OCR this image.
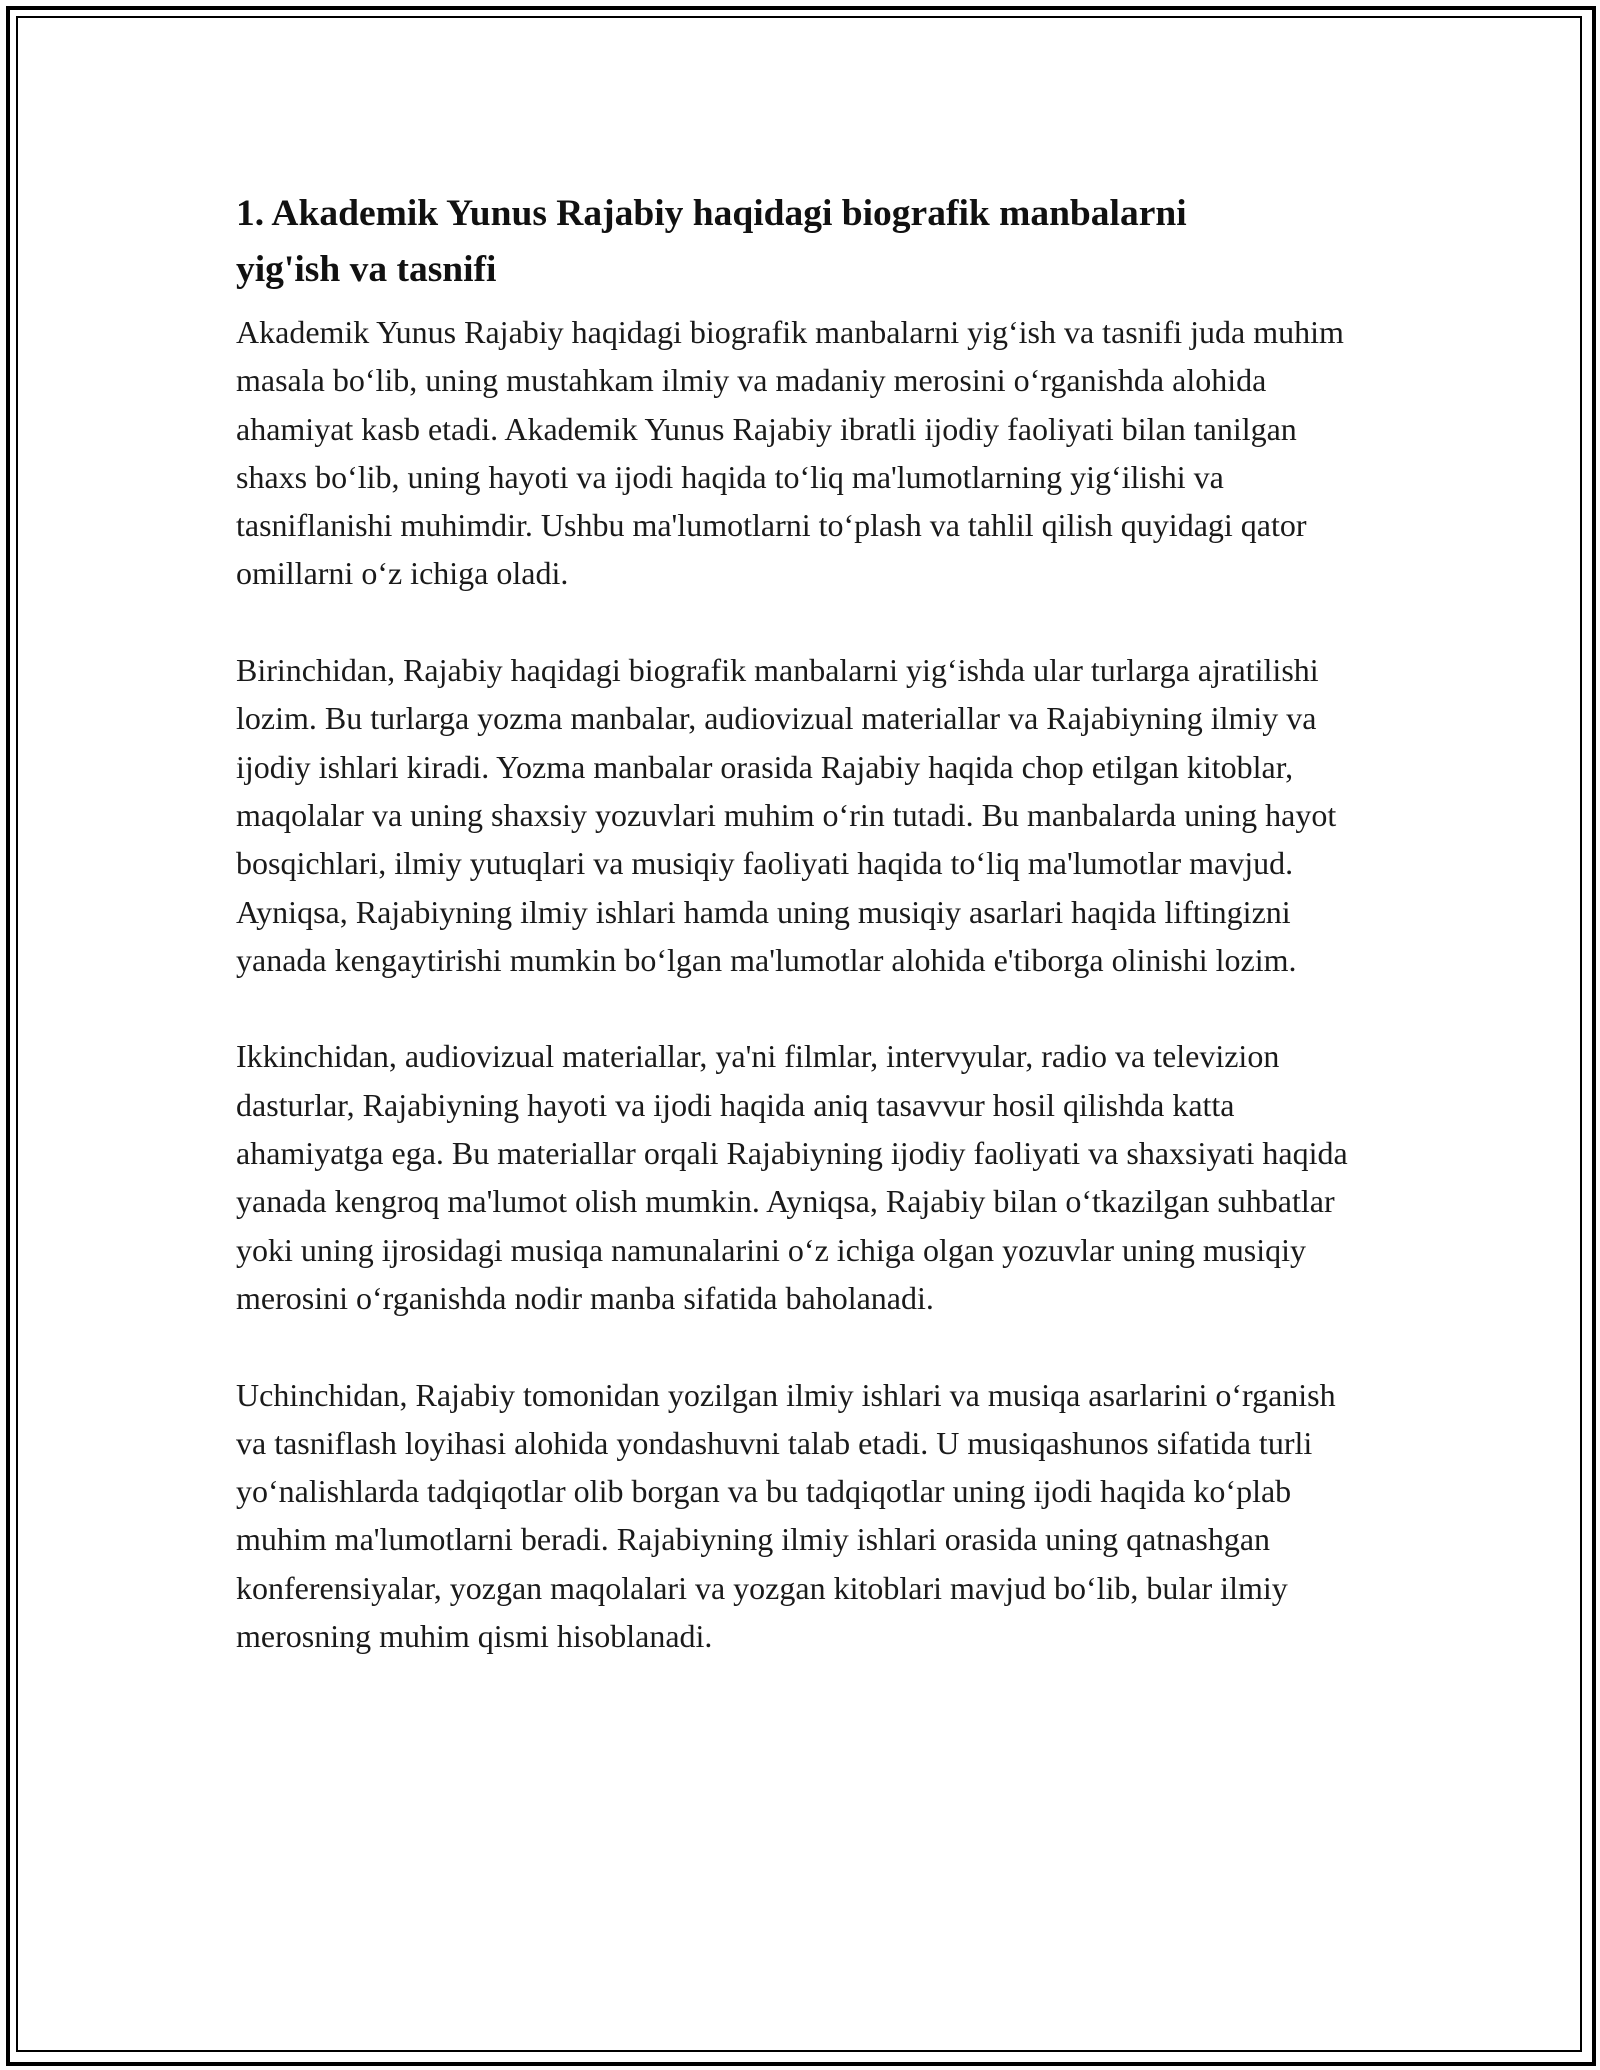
1. Akademik Yunus Rajabiy haqidagi biografik manbalarni
yig'ish va tasnifi

Akademik Yunus Rajabiy haqidagi biografik manbalarni yig‘ish va tasnifi juda muhim masala bo‘lib, uning mustahkam ilmiy va madaniy merosini o‘rganishda alohida ahamiyat kasb etadi. Akademik Yunus Rajabiy ibratli ijodiy faoliyati bilan tanilgan shaxs bo‘lib, uning hayoti va ijodi haqida to‘liq ma'lumotlarning yig‘ilishi va tasniflanishi muhimdir. Ushbu ma'lumotlarni to‘plash va tahlil qilish quyidagi qator omillarni o‘z ichiga oladi.

Birinchidan, Rajabiy haqidagi biografik manbalarni yig‘ishda ular turlarga ajratilishi lozim. Bu turlarga yozma manbalar, audiovizual materiallar va Rajabiyning ilmiy va ijodiy ishlari kiradi. Yozma manbalar orasida Rajabiy haqida chop etilgan kitoblar, maqolalar va uning shaxsiy yozuvlari muhim o‘rin tutadi. Bu manbalarda uning hayot bosqichlari, ilmiy yutuqlari va musiqiy faoliyati haqida to‘liq ma'lumotlar mavjud. Ayniqsa, Rajabiyning ilmiy ishlari hamda uning musiqiy asarlari haqida liftingizni yanada kengaytirishi mumkin bo‘lgan ma'lumotlar alohida e'tiborga olinishi lozim.

Ikkinchidan, audiovizual materiallar, ya'ni filmlar, intervyular, radio va televizion dasturlar, Rajabiyning hayoti va ijodi haqida aniq tasavvur hosil qilishda katta ahamiyatga ega. Bu materiallar orqali Rajabiyning ijodiy faoliyati va shaxsiyati haqida yanada kengroq ma'lumot olish mumkin. Ayniqsa, Rajabiy bilan o‘tkazilgan suhbatlar yoki uning ijrosidagi musiqa namunalarini o‘z ichiga olgan yozuvlar uning musiqiy merosini o‘rganishda nodir manba sifatida baholanadi.

Uchinchidan, Rajabiy tomonidan yozilgan ilmiy ishlari va musiqa asarlarini o‘rganish va tasniflash loyihasi alohida yondashuvni talab etadi. U musiqashunos sifatida turli yo‘nalishlarda tadqiqotlar olib borgan va bu tadqiqotlar uning ijodi haqida ko‘plab muhim ma'lumotlarni beradi. Rajabiyning ilmiy ishlari orasida uning qatnashgan konferensiyalar, yozgan maqolalari va yozgan kitoblari mavjud bo‘lib, bular ilmiy merosning muhim qismi hisoblanadi.
